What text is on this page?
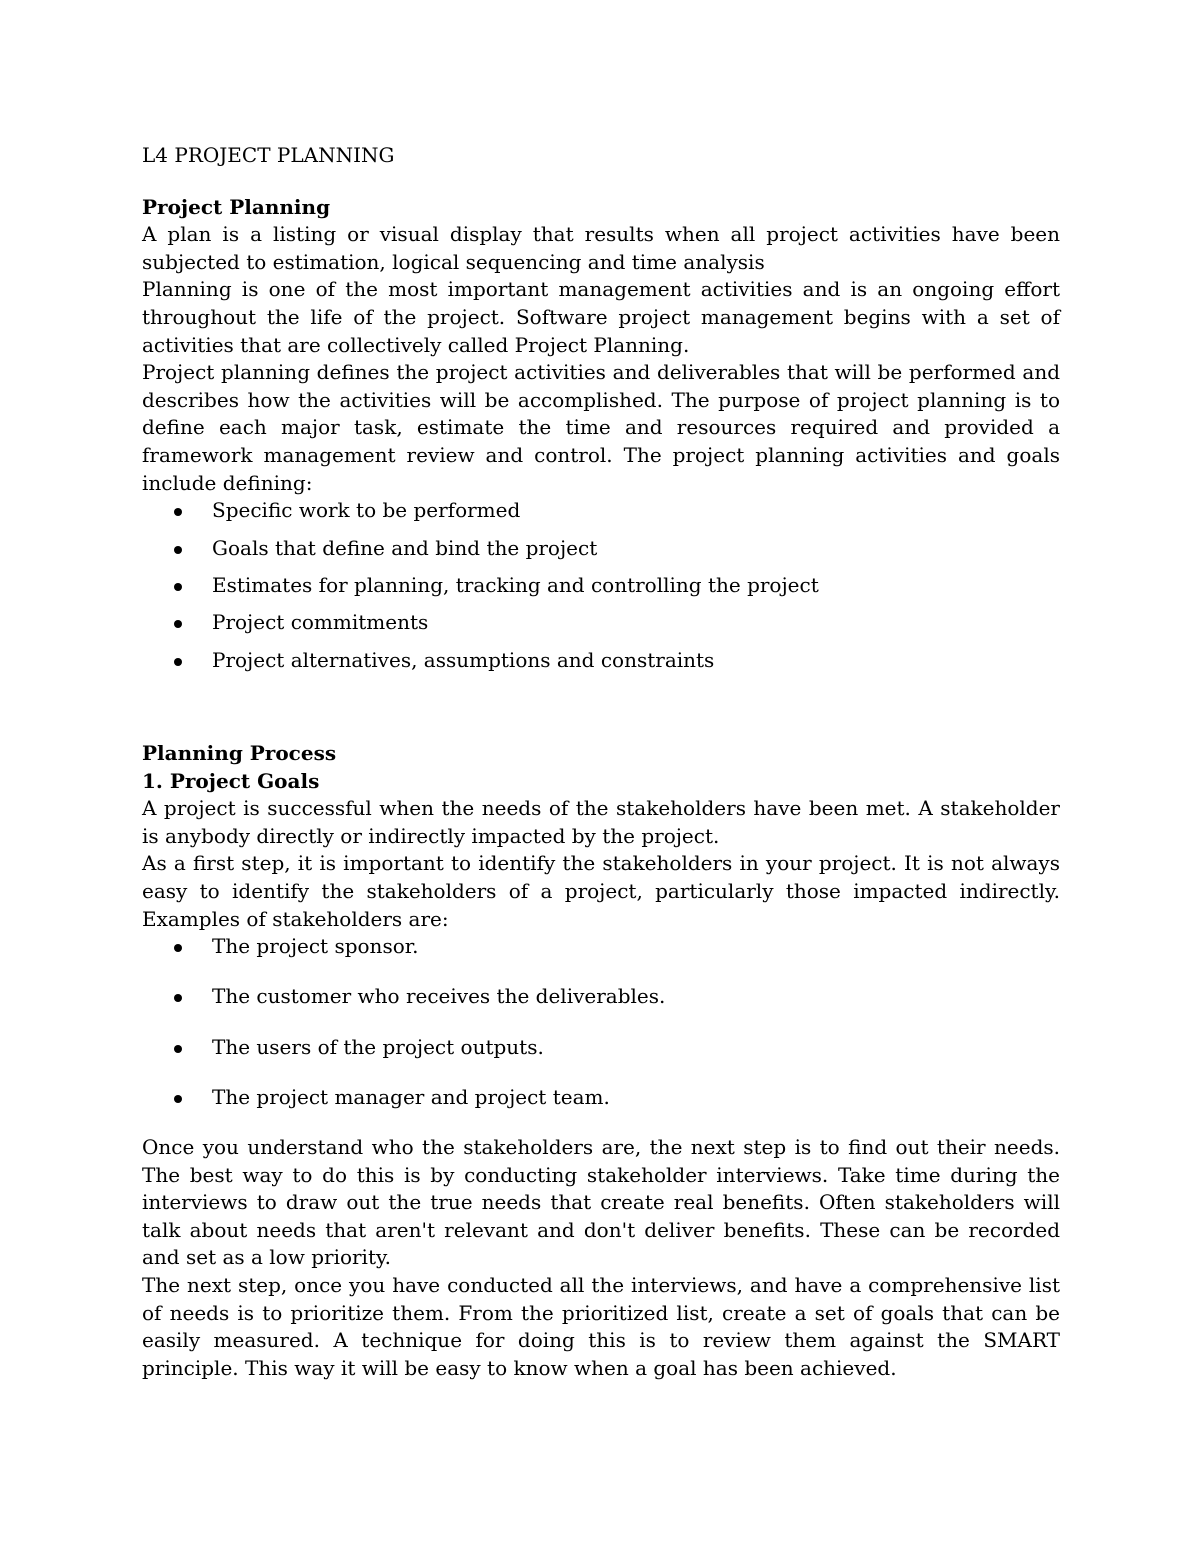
L4 PROJECT PLANNING
Project Planning

A plan is a listing or visual display that results when all project activities have been subjected to estimation, logical sequencing and time analysis

Planning is one of the most important management activities and is an ongoing effort throughout the life of the project. Software project management begins with a set of activities that are collectively called Project Planning.

Project planning defines the project activities and deliverables that will be performed and describes how the activities will be accomplished. The purpose of project planning is to define each major task, estimate the time and resources required and provided a framework management review and control. The project planning activities and goals include defining:

Specific work to be performed
Goals that define and bind the project
Estimates for planning, tracking and controlling the project
Project commitments
Project alternatives, assumptions and constraints
Planning Process
1. Project Goals

A project is successful when the needs of the stakeholders have been met. A stakeholder is anybody directly or indirectly impacted by the project.

As a first step, it is important to identify the stakeholders in your project. It is not always easy to identify the stakeholders of a project, particularly those impacted indirectly. Examples of stakeholders are:

The project sponsor.
The customer who receives the deliverables.
The users of the project outputs.
The project manager and project team.

Once you understand who the stakeholders are, the next step is to find out their needs. The best way to do this is by conducting stakeholder interviews. Take time during the interviews to draw out the true needs that create real benefits. Often stakeholders will talk about needs that aren't relevant and don't deliver benefits. These can be recorded and set as a low priority.

The next step, once you have conducted all the interviews, and have a comprehensive list of needs is to prioritize them. From the prioritized list, create a set of goals that can be easily measured. A technique for doing this is to review them against the SMART principle. This way it will be easy to know when a goal has been achieved.
